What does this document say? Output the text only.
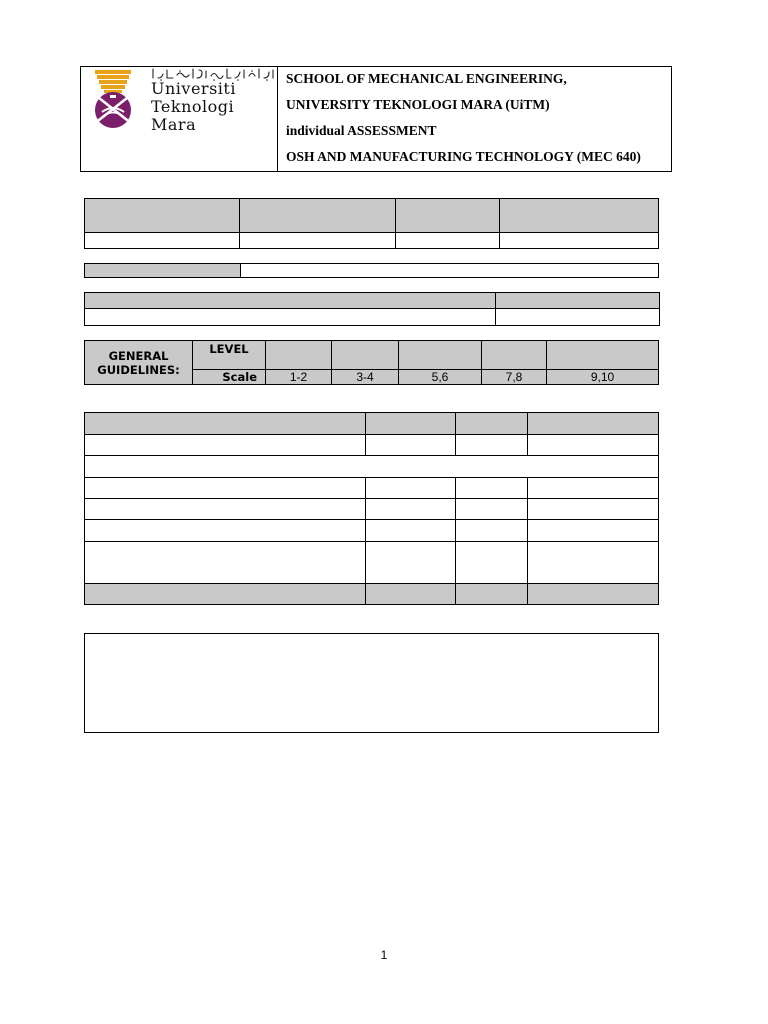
Universiti
Teknologi
Mara
SCHOOL OF MECHANICAL ENGINEERING,
UNIVERSITY TEKNOLOGI MARA (UiTM)
individual ASSESSMENT
OSH AND MANUFACTURING TECHNOLOGY (MEC 640)

GENERAL GUIDELINES:	LEVEL					
	Scale	1-2	3-4	5,6	7,8	9,10

1
